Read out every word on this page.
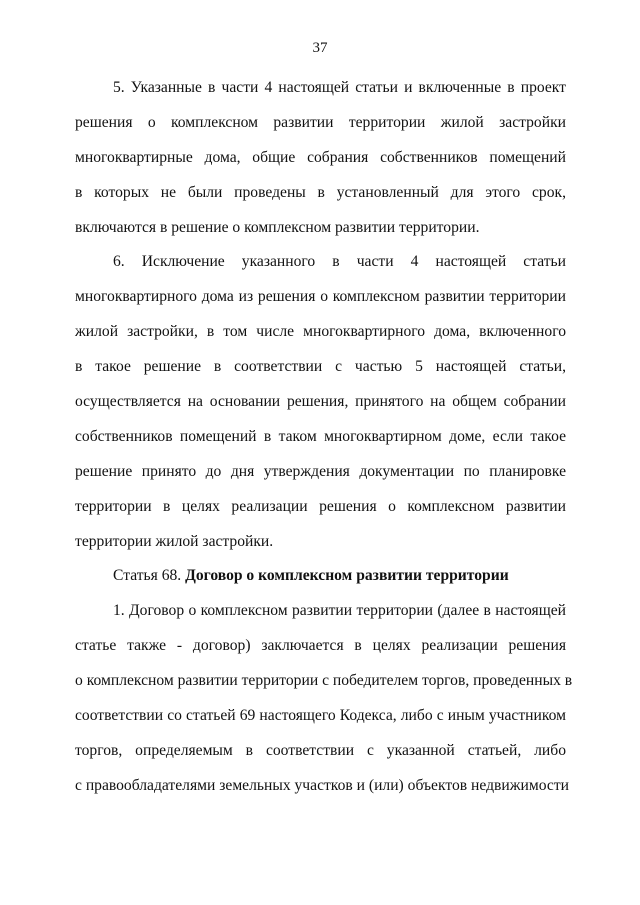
37
5. Указанные в части 4 настоящей статьи и включенные в проект
решения о комплексном развитии территории жилой застройки
многоквартирные дома, общие собрания собственников помещений
в которых не были проведены в установленный для этого срок,
включаются в решение о комплексном развитии территории.
6. Исключение указанного в части 4 настоящей статьи
многоквартирного дома из решения о комплексном развитии территории
жилой застройки, в том числе многоквартирного дома, включенного
в такое решение в соответствии с частью 5 настоящей статьи,
осуществляется на основании решения, принятого на общем собрании
собственников помещений в таком многоквартирном доме, если такое
решение принято до дня утверждения документации по планировке
территории в целях реализации решения о комплексном развитии
территории жилой застройки.
Статья 68. Договор о комплексном развитии территории
1. Договор о комплексном развитии территории (далее в настоящей
статье также - договор) заключается в целях реализации решения
о комплексном развитии территории с победителем торгов, проведенных в
соответствии со статьей 69 настоящего Кодекса, либо с иным участником
торгов, определяемым в соответствии с указанной статьей, либо
с правообладателями земельных участков и (или) объектов недвижимости
